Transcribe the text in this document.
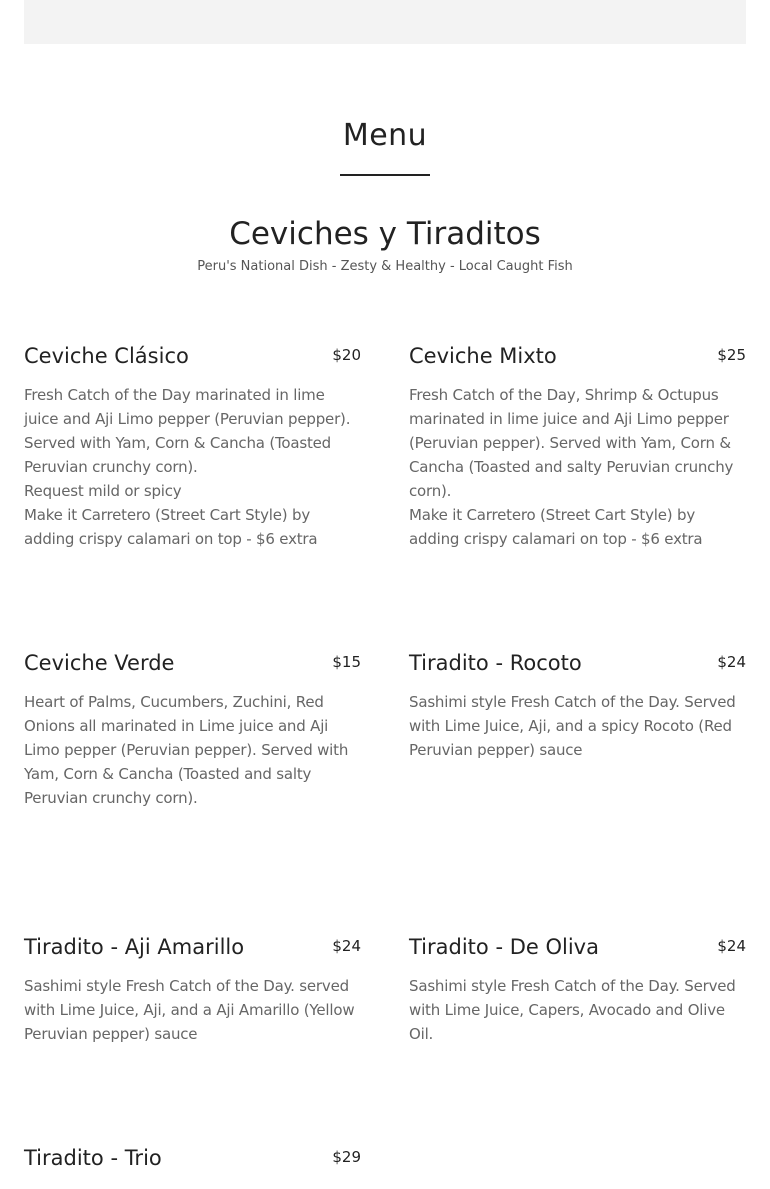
Menu
Ceviches y Tiraditos

Peru's National Dish - Zesty & Healthy - Local Caught Fish

Ceviche Clásico	$20
Fresh Catch of the Day marinated in lime juice and Aji Limo pepper (Peruvian pepper). Served with Yam, Corn & Cancha (Toasted Peruvian crunchy corn).
Request mild or spicy
Make it Carretero (Street Cart Style) by adding crispy calamari on top - $6 extra
Ceviche Mixto	$25
Fresh Catch of the Day, Shrimp & Octupus marinated in lime juice and Aji Limo pepper (Peruvian pepper). Served with Yam, Corn & Cancha (Toasted and salty Peruvian crunchy corn).
Make it Carretero (Street Cart Style) by adding crispy calamari on top - $6 extra
Ceviche Verde	$15
Heart of Palms, Cucumbers, Zuchini, Red Onions all marinated in Lime juice and Aji Limo pepper (Peruvian pepper). Served with Yam, Corn & Cancha (Toasted and salty Peruvian crunchy corn).
Tiradito - Rocoto	$24
Sashimi style Fresh Catch of the Day. Served with Lime Juice, Aji, and a spicy Rocoto (Red Peruvian pepper) sauce
Tiradito - Aji Amarillo	$24
Sashimi style Fresh Catch of the Day. served with Lime Juice, Aji, and a Aji Amarillo (Yellow Peruvian pepper) sauce
Tiradito - De Oliva	$24
Sashimi style Fresh Catch of the Day. Served with Lime Juice, Capers, Avocado and Olive Oil.
Tiradito - Trio	$29
